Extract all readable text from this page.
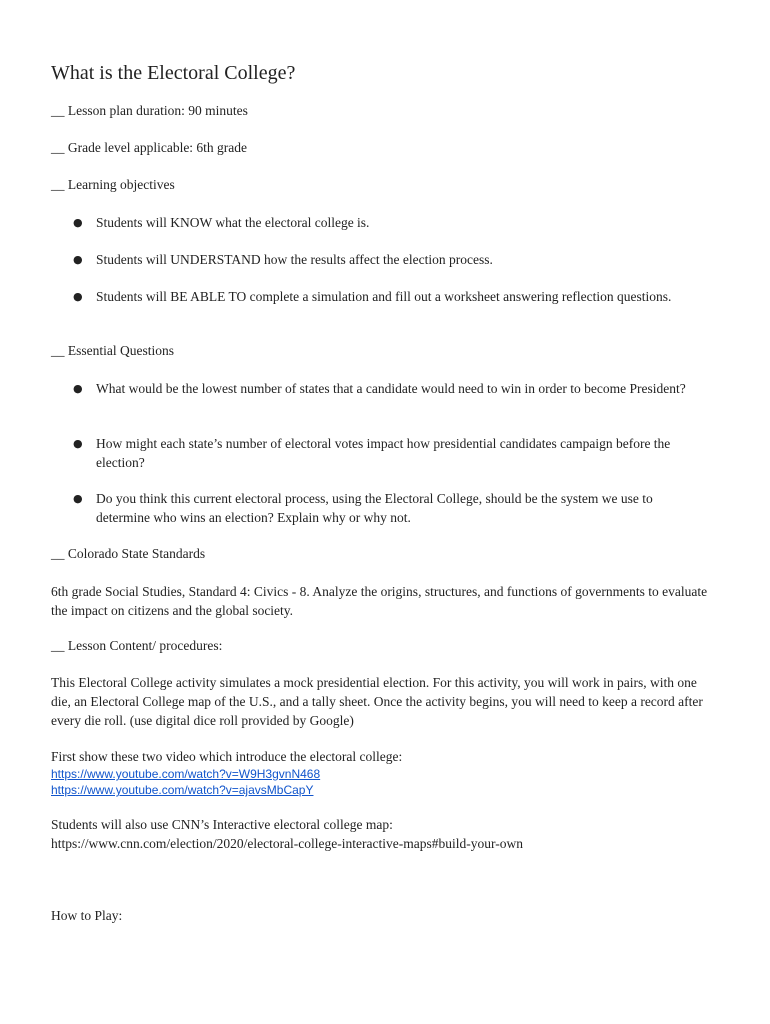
What is the Electoral College?
__ Lesson plan duration: 90 minutes
__ Grade level applicable: 6th grade
__ Learning objectives
● Students will KNOW what the electoral college is.
● Students will UNDERSTAND how the results affect the election process.
● Students will BE ABLE TO complete a simulation and fill out a worksheet answering reflection questions.
__ Essential Questions
● What would be the lowest number of states that a candidate would need to win in order to become President?
● How might each state’s number of electoral votes impact how presidential candidates campaign before the election?
● Do you think this current electoral process, using the Electoral College, should be the system we use to determine who wins an election? Explain why or why not.
__ Colorado State Standards
6th grade Social Studies, Standard 4: Civics - 8. Analyze the origins, structures, and functions of governments to evaluate the impact on citizens and the global society.
__ Lesson Content/ procedures:
This Electoral College activity simulates a mock presidential election. For this activity, you will work in pairs, with one die, an Electoral College map of the U.S., and a tally sheet. Once the activity begins, you will need to keep a record after every die roll. (use digital dice roll provided by Google)
First show these two video which introduce the electoral college:
https://www.youtube.com/watch?v=W9H3gvnN468
https://www.youtube.com/watch?v=ajavsMbCapY
Students will also use CNN’s Interactive electoral college map:
https://www.cnn.com/election/2020/electoral-college-interactive-maps#build-your-own
How to Play:
